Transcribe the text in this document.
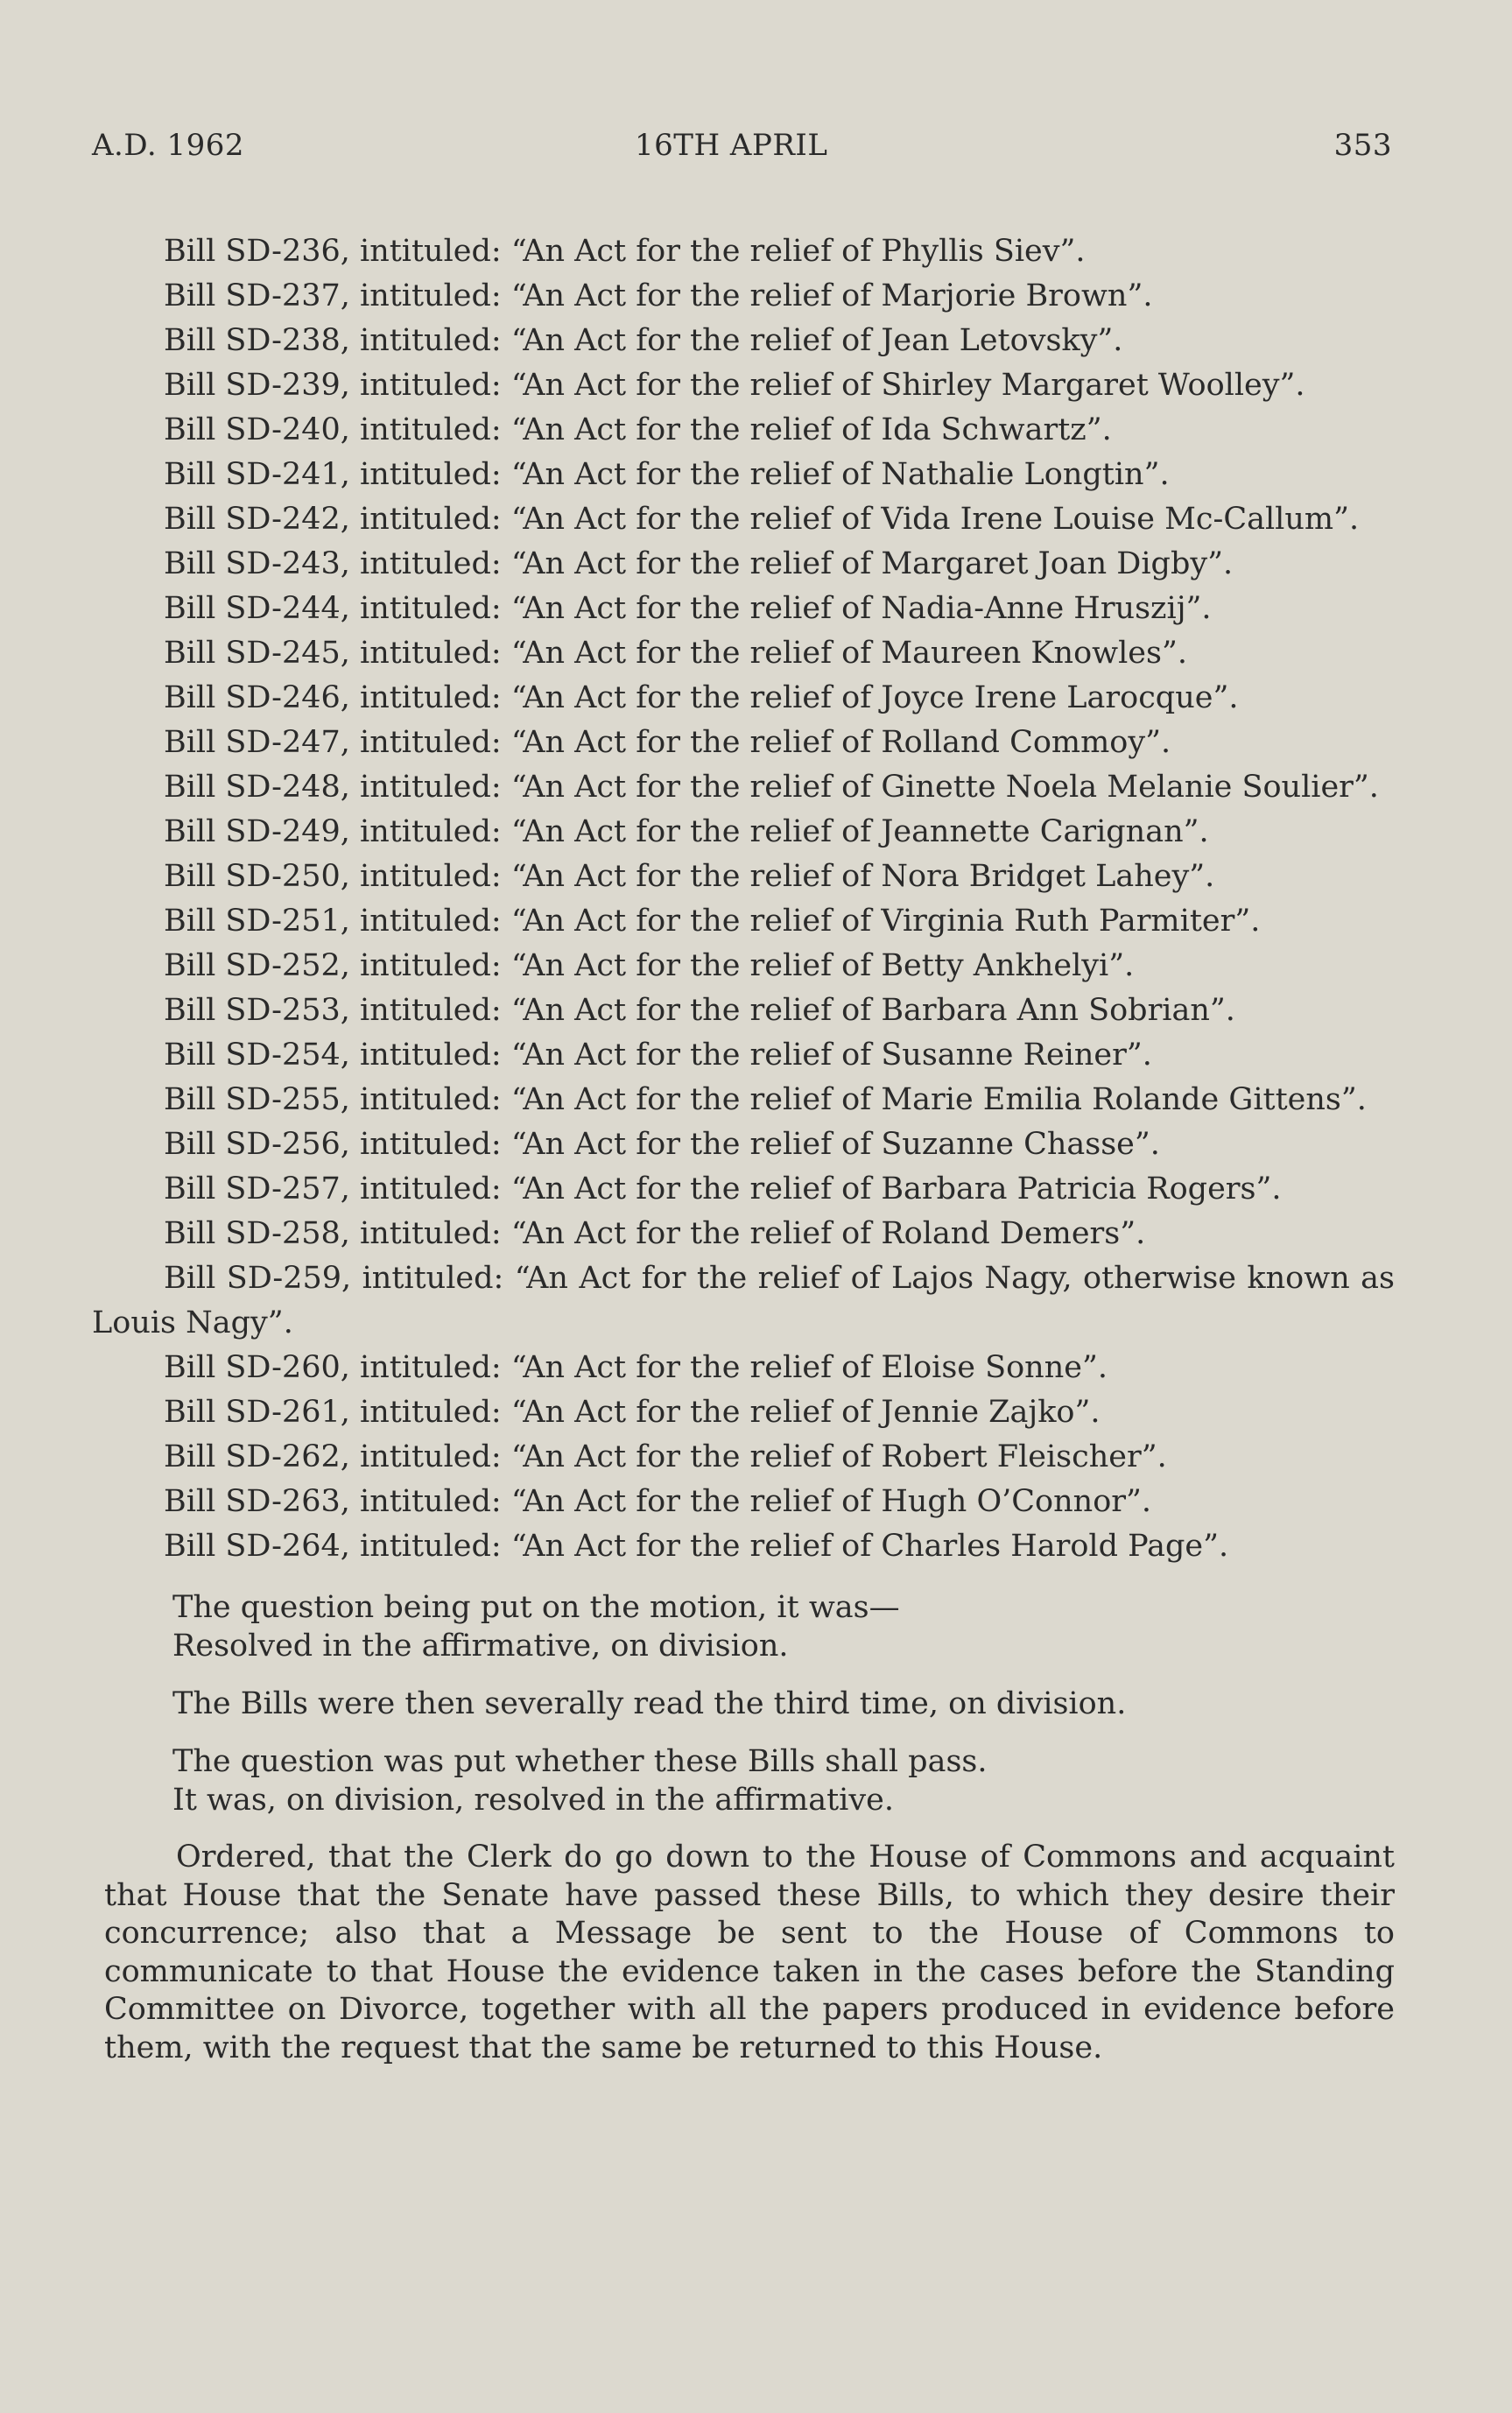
A.D. 1962	16TH APRIL	353

Bill SD-236, intituled: “An Act for the relief of Phyllis Siev”.

Bill SD-237, intituled: “An Act for the relief of Marjorie Brown”.

Bill SD-238, intituled: “An Act for the relief of Jean Letovsky”.

Bill SD-239, intituled: “An Act for the relief of Shirley Margaret Woolley”.

Bill SD-240, intituled: “An Act for the relief of Ida Schwartz”.

Bill SD-241, intituled: “An Act for the relief of Nathalie Longtin”.

Bill SD-242, intituled: “An Act for the relief of Vida Irene Louise Mc-Callum”.

Bill SD-243, intituled: “An Act for the relief of Margaret Joan Digby”.

Bill SD-244, intituled: “An Act for the relief of Nadia-Anne Hruszij”.

Bill SD-245, intituled: “An Act for the relief of Maureen Knowles”.

Bill SD-246, intituled: “An Act for the relief of Joyce Irene Larocque”.

Bill SD-247, intituled: “An Act for the relief of Rolland Commoy”.

Bill SD-248, intituled: “An Act for the relief of Ginette Noela Melanie Soulier”.

Bill SD-249, intituled: “An Act for the relief of Jeannette Carignan”.

Bill SD-250, intituled: “An Act for the relief of Nora Bridget Lahey”.

Bill SD-251, intituled: “An Act for the relief of Virginia Ruth Parmiter”.

Bill SD-252, intituled: “An Act for the relief of Betty Ankhelyi”.

Bill SD-253, intituled: “An Act for the relief of Barbara Ann Sobrian”.

Bill SD-254, intituled: “An Act for the relief of Susanne Reiner”.

Bill SD-255, intituled: “An Act for the relief of Marie Emilia Rolande Gittens”.

Bill SD-256, intituled: “An Act for the relief of Suzanne Chasse”.

Bill SD-257, intituled: “An Act for the relief of Barbara Patricia Rogers”.

Bill SD-258, intituled: “An Act for the relief of Roland Demers”.

Bill SD-259, intituled: “An Act for the relief of Lajos Nagy, otherwise known as Louis Nagy”.

Bill SD-260, intituled: “An Act for the relief of Eloise Sonne”.

Bill SD-261, intituled: “An Act for the relief of Jennie Zajko”.

Bill SD-262, intituled: “An Act for the relief of Robert Fleischer”.

Bill SD-263, intituled: “An Act for the relief of Hugh O’Connor”.

Bill SD-264, intituled: “An Act for the relief of Charles Harold Page”.

The question being put on the motion, it was—

Resolved in the affirmative, on division.

The Bills were then severally read the third time, on division.

The question was put whether these Bills shall pass.

It was, on division, resolved in the affirmative.

Ordered, that the Clerk do go down to the House of Commons and acquaint that House that the Senate have passed these Bills, to which they desire their concurrence; also that a Message be sent to the House of Commons to communicate to that House the evidence taken in the cases before the Standing Committee on Divorce, together with all the papers produced in evidence before them, with the request that the same be returned to this House.
